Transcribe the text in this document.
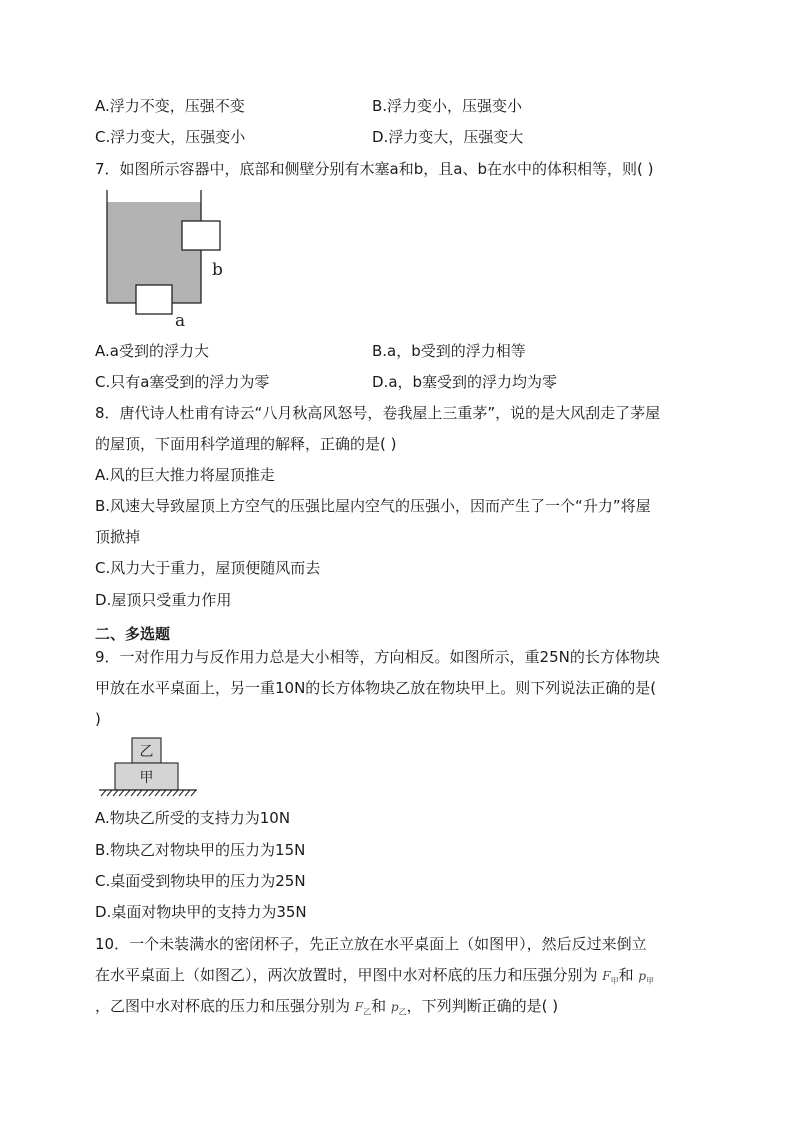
A.浮力不变，压强不变	B.浮力变小，压强变小
C.浮力变大，压强变小	D.浮力变大，压强变大
7．如图所示容器中，底部和侧壁分别有木塞a和b，且a、b在水中的体积相等，则( )
b
a
A.a受到的浮力大	B.a，b受到的浮力相等
C.只有a塞受到的浮力为零	D.a，b塞受到的浮力均为零
8．唐代诗人杜甫有诗云“八月秋高风怒号，卷我屋上三重茅”，说的是大风刮走了茅屋
的屋顶，下面用科学道理的解释，正确的是( )
A.风的巨大推力将屋顶推走
B.风速大导致屋顶上方空气的压强比屋内空气的压强小，因而产生了一个“升力”将屋
顶掀掉
C.风力大于重力，屋顶便随风而去
D.屋顶只受重力作用
二、多选题
9．一对作用力与反作用力总是大小相等，方向相反。如图所示，重25N的长方体物块
甲放在水平桌面上，另一重10N的长方体物块乙放在物块甲上。则下列说法正确的是(
)
乙
甲
A.物块乙所受的支持力为10N
B.物块乙对物块甲的压力为15N
C.桌面受到物块甲的压力为25N
D.桌面对物块甲的支持力为35N
10．一个未装满水的密闭杯子，先正立放在水平桌面上（如图甲），然后反过来倒立
在水平桌面上（如图乙），两次放置时，甲图中水对杯底的压力和压强分别为 $F_甲$和 $p_甲$
，乙图中水对杯底的压力和压强分别为 $F_乙$和 $p_乙$，下列判断正确的是( )
